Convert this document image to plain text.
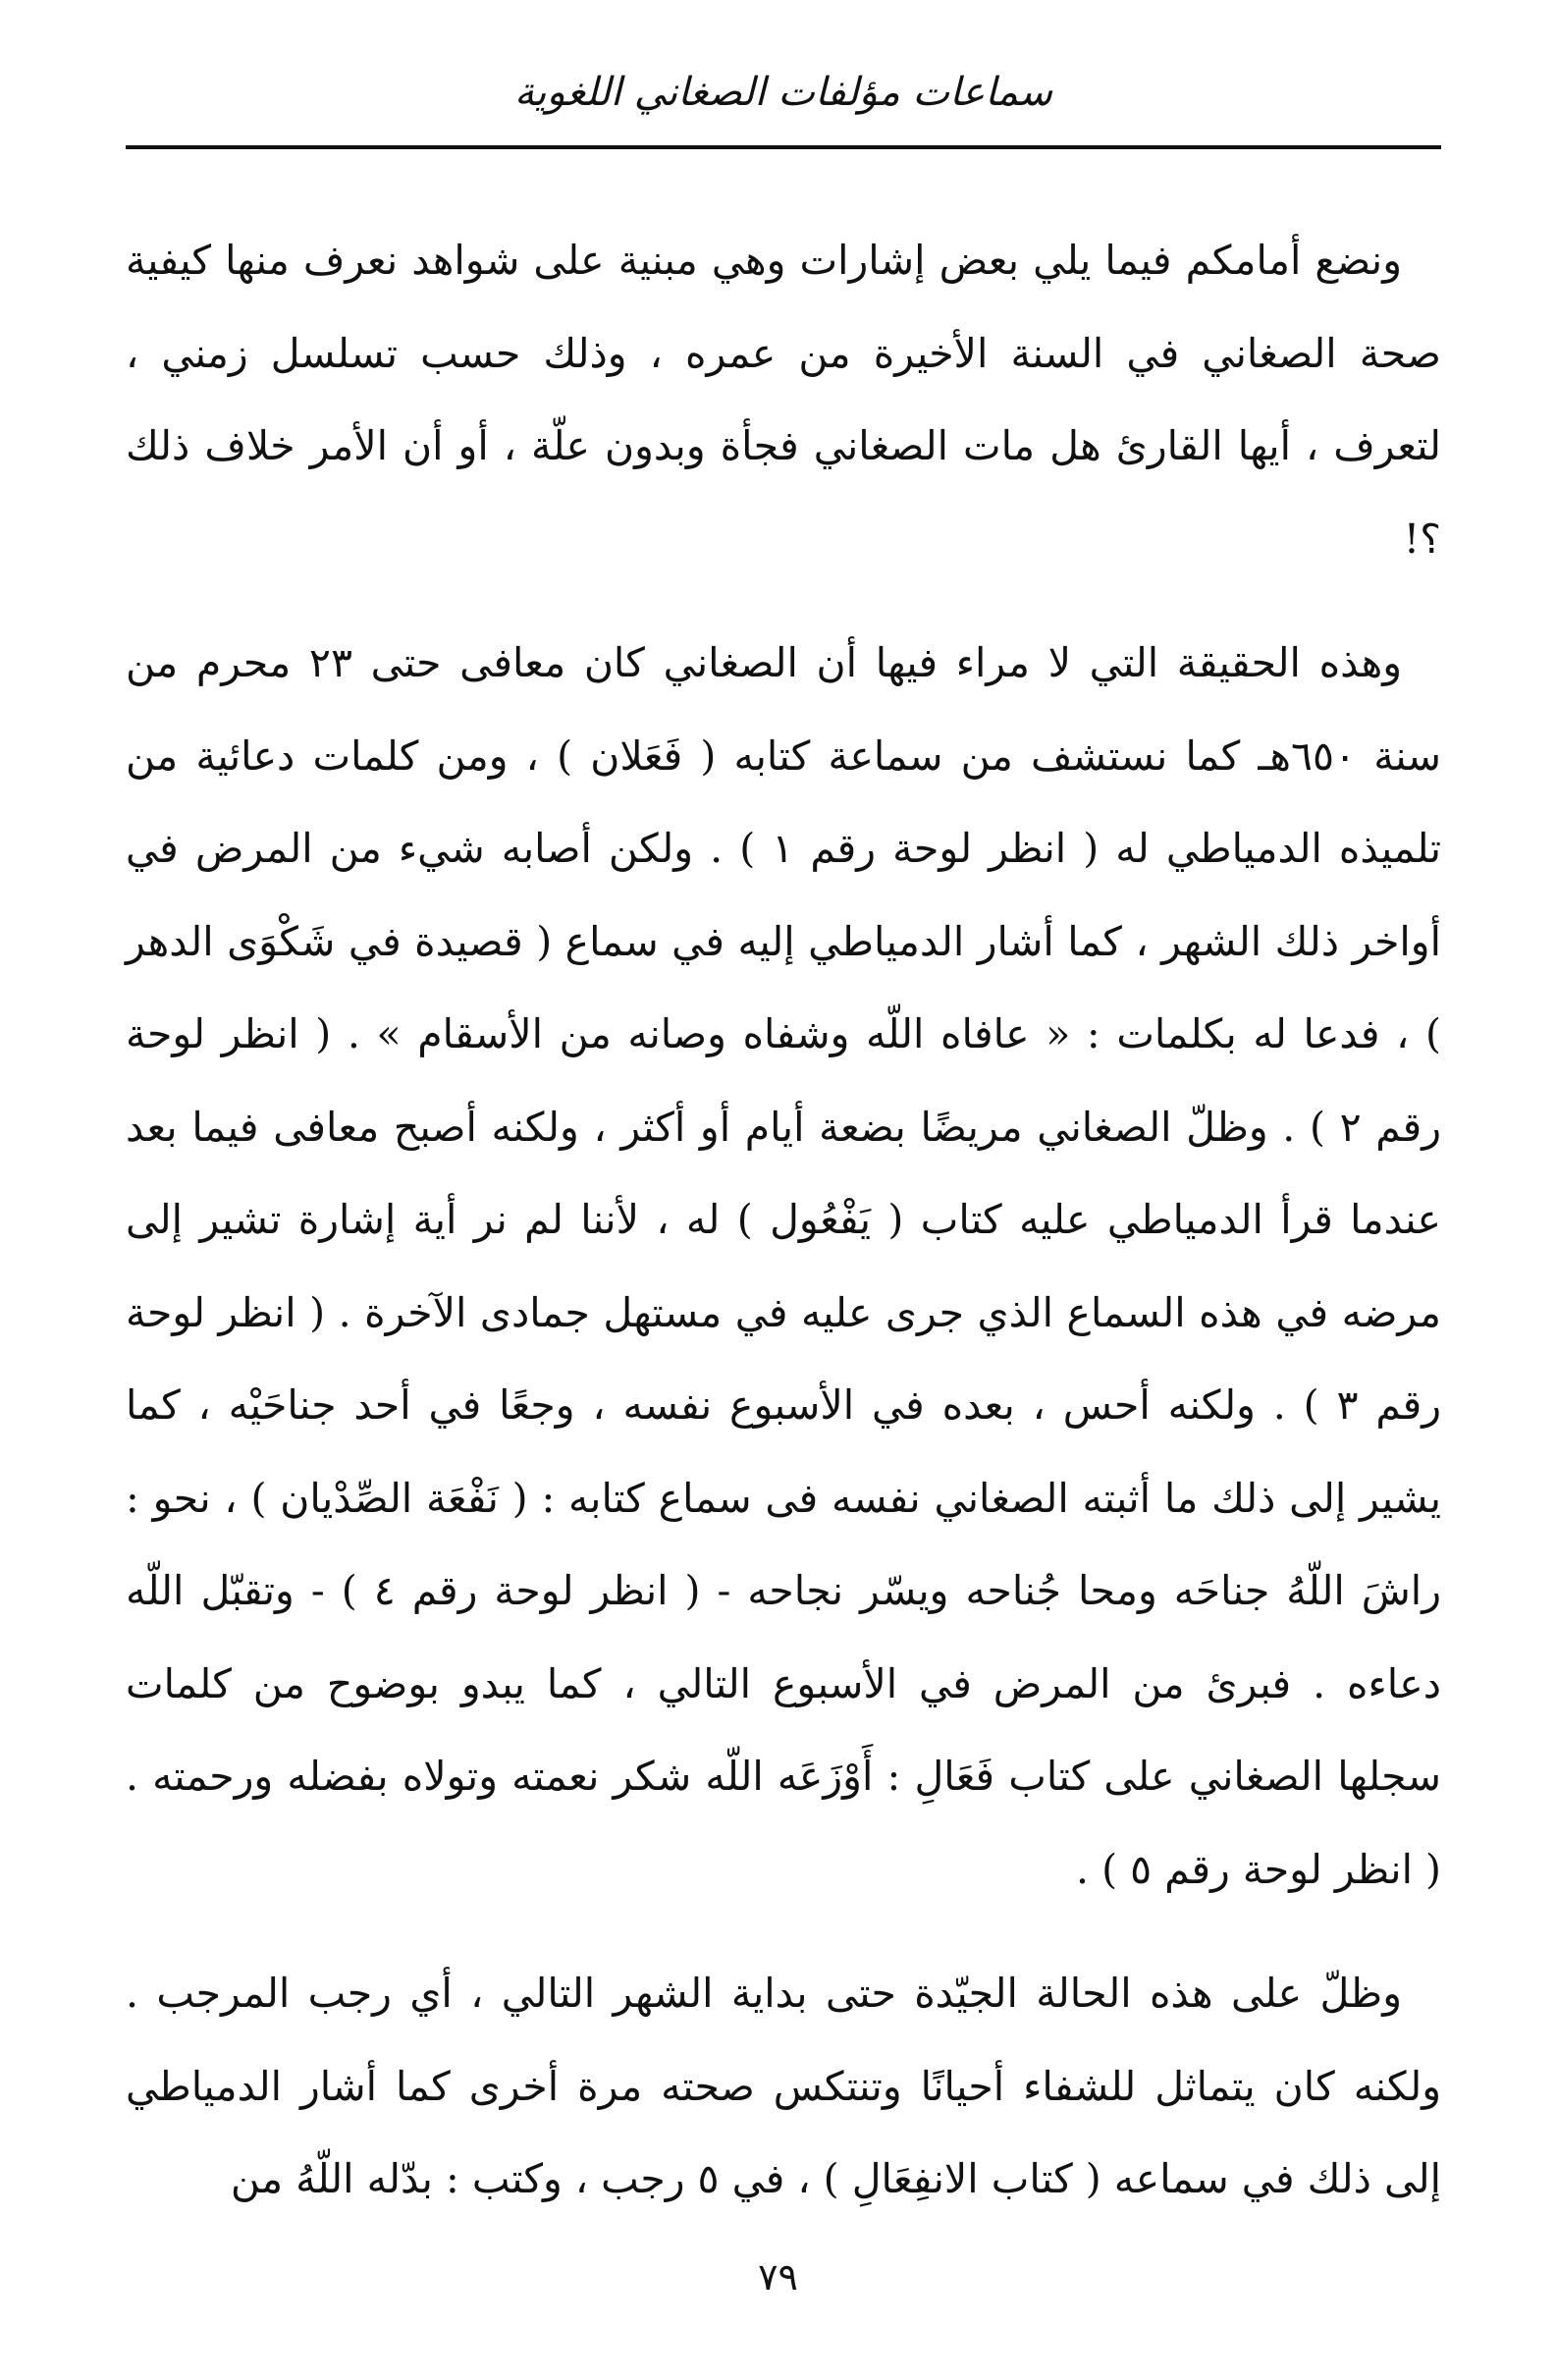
سماعات مؤلفات الصغاني اللغوية

ونضع أمامكم فيما يلي بعض إشارات وهي مبنية على شواهد نعرف منها كيفية صحة الصغاني في السنة الأخيرة من عمره ، وذلك حسب تسلسل زمني ، لتعرف ، أيها القارئ هل مات الصغاني فجأة وبدون علّة ، أو أن الأمر خلاف ذلك ؟!

وهذه الحقيقة التي لا مراء فيها أن الصغاني كان معافى حتى ٢٣ محرم من سنة ٦٥٠هـ كما نستشف من سماعة كتابه ( فَعَلان ) ، ومن كلمات دعائية من تلميذه الدمياطي له ( انظر لوحة رقم ١ ) . ولكن أصابه شيء من المرض في أواخر ذلك الشهر ، كما أشار الدمياطي إليه في سماع ( قصيدة في شَكْوَى الدهر ) ، فدعا له بكلمات : « عافاه اللّه وشفاه وصانه من الأسقام » . ( انظر لوحة رقم ٢ ) . وظلّ الصغاني مريضًا بضعة أيام أو أكثر ، ولكنه أصبح معافى فيما بعد عندما قرأ الدمياطي عليه كتاب ( يَفْعُول ) له ، لأننا لم نر أية إشارة تشير إلى مرضه في هذه السماع الذي جرى عليه في مستهل جمادى الآخرة . ( انظر لوحة رقم ٣ ) . ولكنه أحس ، بعده في الأسبوع نفسه ، وجعًا في أحد جناحَيْه ، كما يشير إلى ذلك ما أثبته الصغاني نفسه فى سماع كتابه : ( نَفْعَة الصِّدْيان ) ، نحو : راشَ اللّهُ جناحَه ومحا جُناحه ويسّر نجاحه - ( انظر لوحة رقم ٤ ) - وتقبّل اللّه دعاءه . فبرئ من المرض في الأسبوع التالي ، كما يبدو بوضوح من كلمات سجلها الصغاني على كتاب فَعَالِ : أَوْزَعَه اللّه شكر نعمته وتولاه بفضله ورحمته . ( انظر لوحة رقم ٥ ) .

وظلّ على هذه الحالة الجيّدة حتى بداية الشهر التالي ، أي رجب المرجب . ولكنه كان يتماثل للشفاء أحيانًا وتنتكس صحته مرة أخرى كما أشار الدمياطي إلى ذلك في سماعه ( كتاب الانفِعَالِ ) ، في ٥ رجب ، وكتب : بدّله اللّهُ من

٧٩
